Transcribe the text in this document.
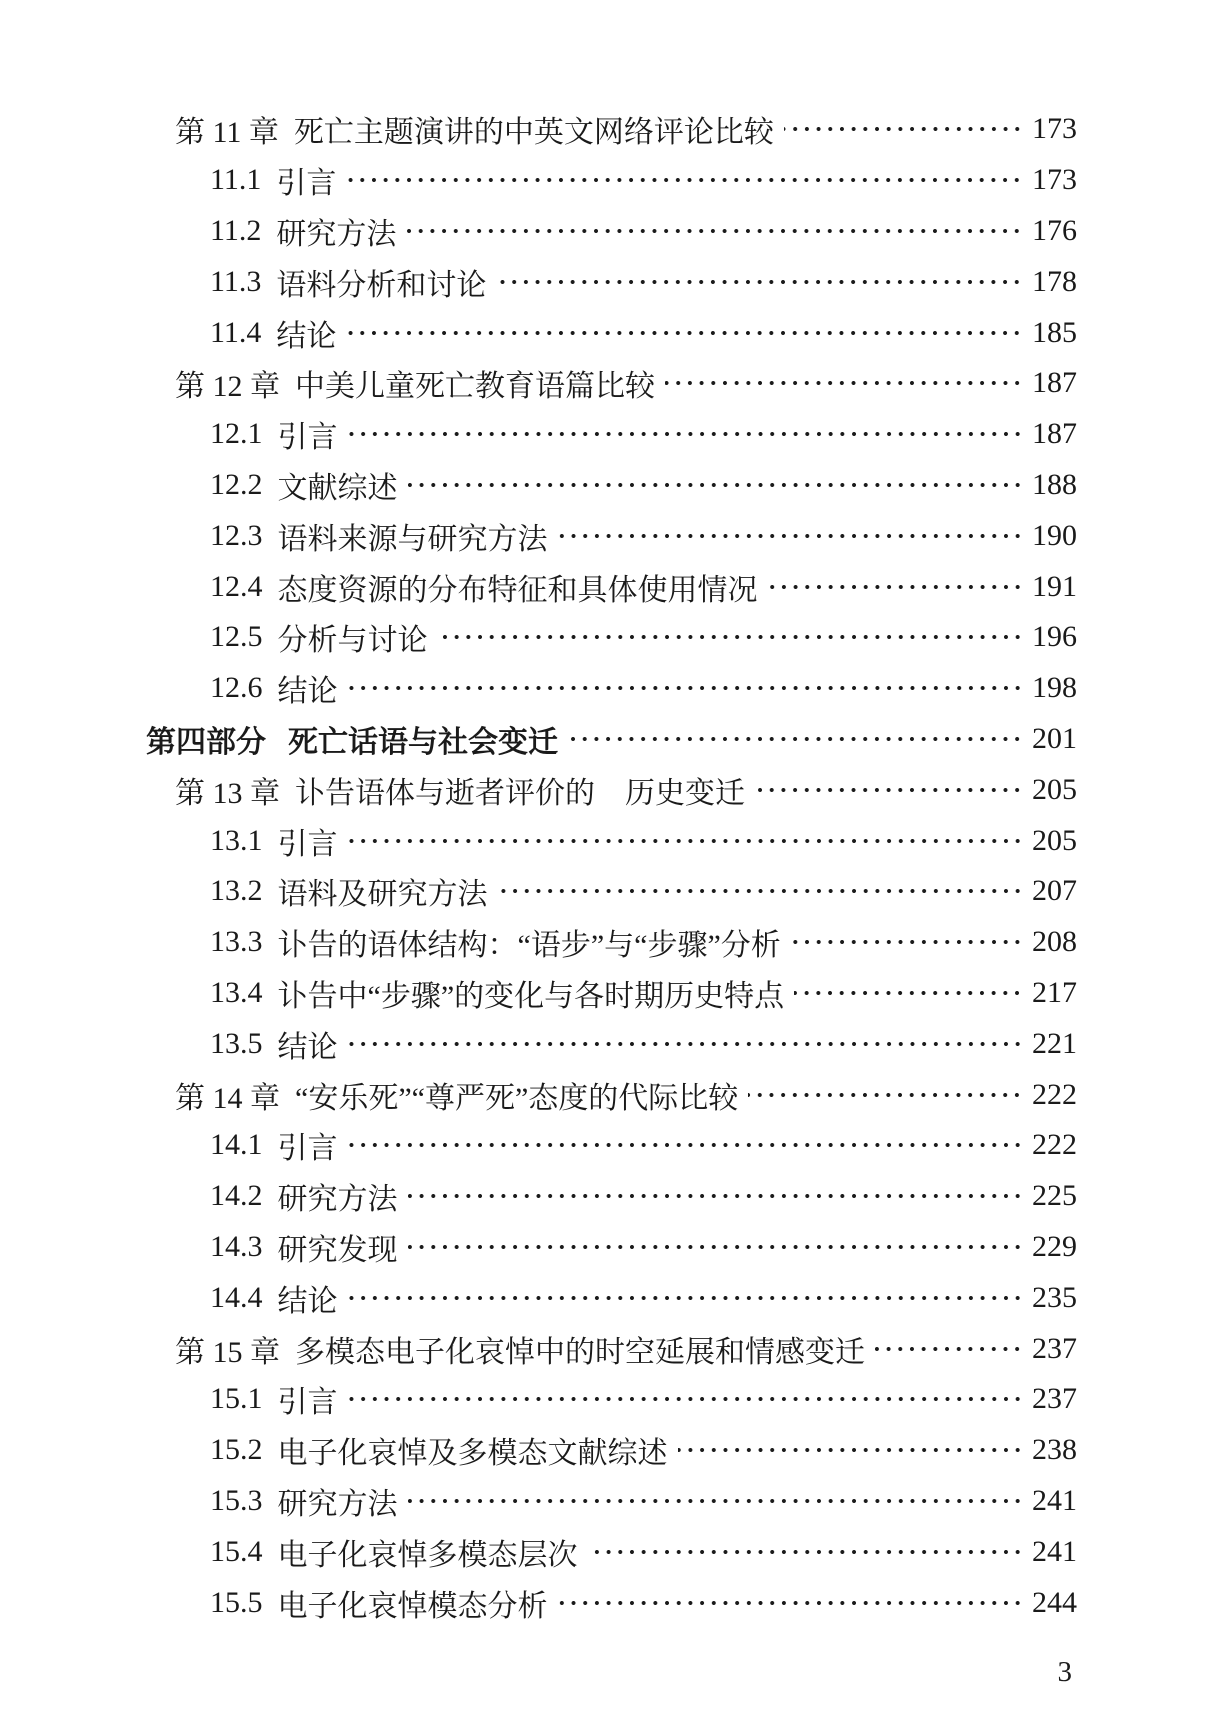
第 11 章 死亡主题演讲的中英文网络评论比较	173
11.1 引言	173
11.2 研究方法	176
11.3 语料分析和讨论	178
11.4 结论	185
第 12 章 中美儿童死亡教育语篇比较	187
12.1 引言	187
12.2 文献综述	188
12.3 语料来源与研究方法	190
12.4 态度资源的分布特征和具体使用情况	191
12.5 分析与讨论	196
12.6 结论	198
第四部分 死亡话语与社会变迁	201
第 13 章 讣告语体与逝者评价的　历史变迁	205
13.1 引言	205
13.2 语料及研究方法	207
13.3 讣告的语体结构：“语步”与“步骤”分析	208
13.4 讣告中“步骤”的变化与各时期历史特点	217
13.5 结论	221
第 14 章 “安乐死”“尊严死”态度的代际比较	222
14.1 引言	222
14.2 研究方法	225
14.3 研究发现	229
14.4 结论	235
第 15 章 多模态电子化哀悼中的时空延展和情感变迁	237
15.1 引言	237
15.2 电子化哀悼及多模态文献综述	238
15.3 研究方法	241
15.4 电子化哀悼多模态层次	241
15.5 电子化哀悼模态分析	244
3
